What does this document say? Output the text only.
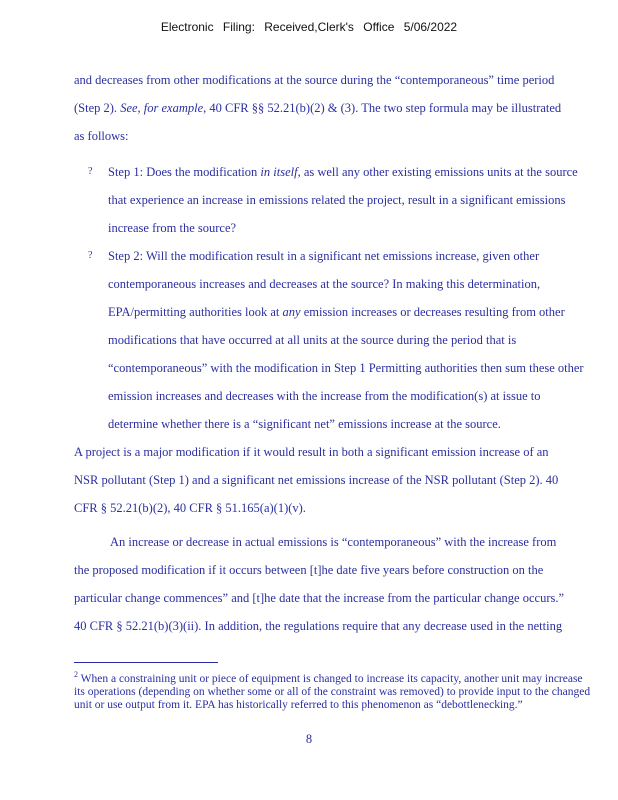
Electronic Filing: Received,Clerk's Office 5/06/2022
and decreases from other modifications at the source during the “contemporaneous” time period (Step 2). See, for example, 40 CFR §§ 52.21(b)(2) & (3). The two step formula may be illustrated as follows:
? Step 1: Does the modification in itself, as well any other existing emissions units at the source that experience an increase in emissions related the project, result in a significant emissions increase from the source?
? Step 2: Will the modification result in a significant net emissions increase, given other contemporaneous increases and decreases at the source? In making this determination, EPA/permitting authorities look at any emission increases or decreases resulting from other modifications that have occurred at all units at the source during the period that is “contemporaneous” with the modification in Step 1 Permitting authorities then sum these other emission increases and decreases with the increase from the modification(s) at issue to determine whether there is a “significant net” emissions increase at the source.
A project is a major modification if it would result in both a significant emission increase of an NSR pollutant (Step 1) and a significant net emissions increase of the NSR pollutant (Step 2). 40 CFR § 52.21(b)(2), 40 CFR § 51.165(a)(1)(v).
An increase or decrease in actual emissions is “contemporaneous” with the increase from the proposed modification if it occurs between [t]he date five years before construction on the particular change commences” and [t]he date that the increase from the particular change occurs.” 40 CFR § 52.21(b)(3)(ii). In addition, the regulations require that any decrease used in the netting
$^2$ When a constraining unit or piece of equipment is changed to increase its capacity, another unit may increase its operations (depending on whether some or all of the constraint was removed) to provide input to the changed unit or use output from it. EPA has historically referred to this phenomenon as “debottlenecking.”
8
